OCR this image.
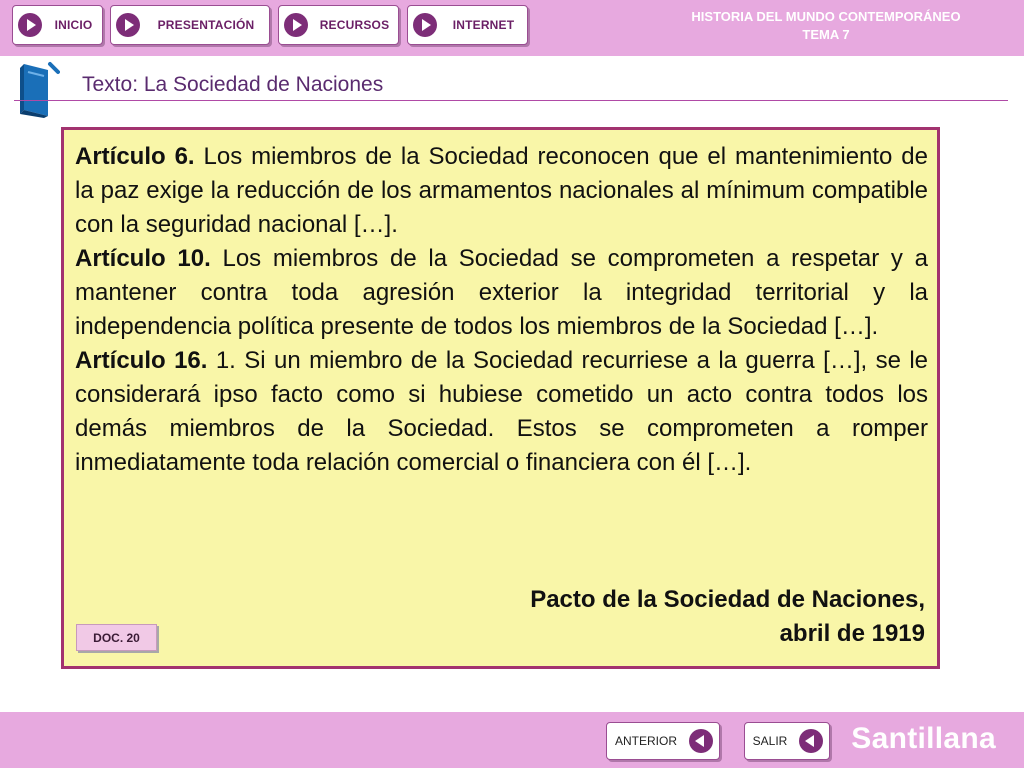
INICIO	PRESENTACIÓN	RECURSOS	INTERNET
HISTORIA DEL MUNDO CONTEMPORÁNEO
TEMA 7
Texto: La Sociedad de Naciones

Artículo 6. Los miembros de la Sociedad reconocen que el mantenimiento de la paz exige la reducción de los armamentos nacionales al mínimum compatible con la seguridad nacional […].

Artículo 10. Los miembros de la Sociedad se comprometen a respetar y a mantener contra toda agresión exterior la integridad territorial y la independencia política presente de todos los miembros de la Sociedad […].

Artículo 16. 1. Si un miembro de la Sociedad recurriese a la guerra […], se le considerará ipso facto como si hubiese cometido un acto contra todos los demás miembros de la Sociedad. Estos se comprometen a romper inmediatamente toda relación comercial o financiera con él […].

Pacto de la Sociedad de Naciones,
abril de 1919
DOC. 20
ANTERIOR	SALIR Santillana
